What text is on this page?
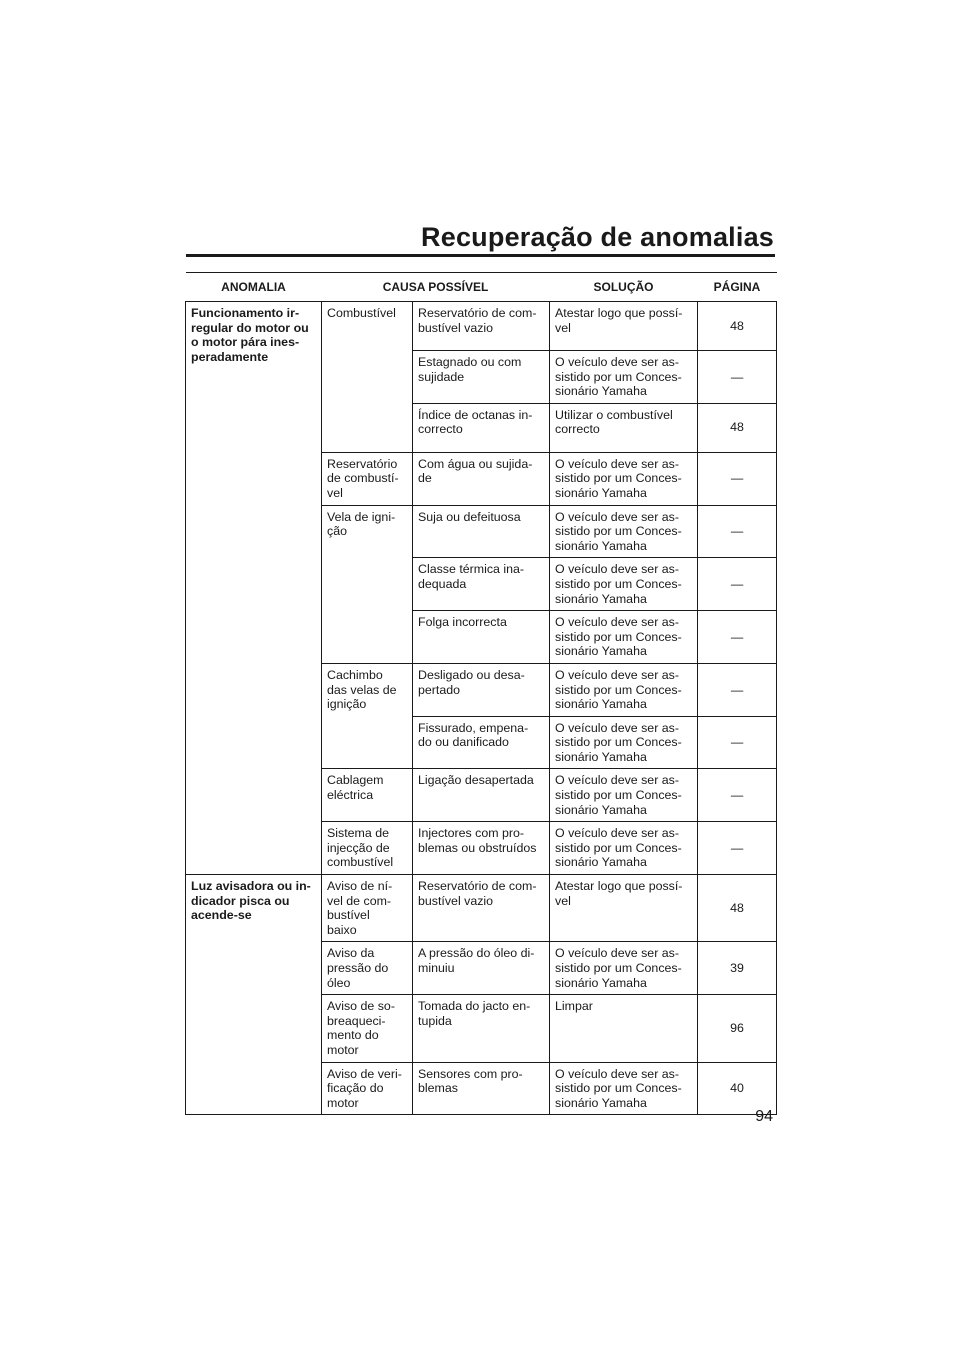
Recuperação de anomalias
ANOMALIA	CAUSA POSSÍVEL		SOLUÇÃO	PÁGINA

Funcionamento ir-
regular do motor ou
o motor pára ines-
peradamente	Combustível	Reservatório de com-
bustível vazio	Atestar logo que possí-
vel	48

		Estagnado ou com
sujidade	O veículo deve ser as-
sistido por um Conces-
sionário Yamaha	—

		Índice de octanas in-
correcto	Utilizar o combustível
correcto	48

	Reservatório
de combustí-
vel	Com água ou sujida-
de	O veículo deve ser as-
sistido por um Conces-
sionário Yamaha	—

	Vela de igni-
ção	Suja ou defeituosa	O veículo deve ser as-
sistido por um Conces-
sionário Yamaha	—

		Classe térmica ina-
dequada	O veículo deve ser as-
sistido por um Conces-
sionário Yamaha	—

		Folga incorrecta	O veículo deve ser as-
sistido por um Conces-
sionário Yamaha	—

	Cachimbo
das velas de
ignição	Desligado ou desa-
pertado	O veículo deve ser as-
sistido por um Conces-
sionário Yamaha	—

		Fissurado, empena-
do ou danificado	O veículo deve ser as-
sistido por um Conces-
sionário Yamaha	—

	Cablagem
eléctrica	Ligação desapertada	O veículo deve ser as-
sistido por um Conces-
sionário Yamaha	—

	Sistema de
injecção de
combustível	Injectores com pro-
blemas ou obstruídos	O veículo deve ser as-
sistido por um Conces-
sionário Yamaha	—

Luz avisadora ou in-
dicador pisca ou
acende-se	Aviso de ní-
vel de com-
bustível
baixo	Reservatório de com-
bustível vazio	Atestar logo que possí-
vel	48

	Aviso da
pressão do
óleo	A pressão do óleo di-
minuiu	O veículo deve ser as-
sistido por um Conces-
sionário Yamaha	39

	Aviso de so-
breaqueci-
mento do
motor	Tomada do jacto en-
tupida	Limpar	96

	Aviso de veri-
ficação do
motor	Sensores com pro-
blemas	O veículo deve ser as-
sistido por um Conces-
sionário Yamaha	40
94
